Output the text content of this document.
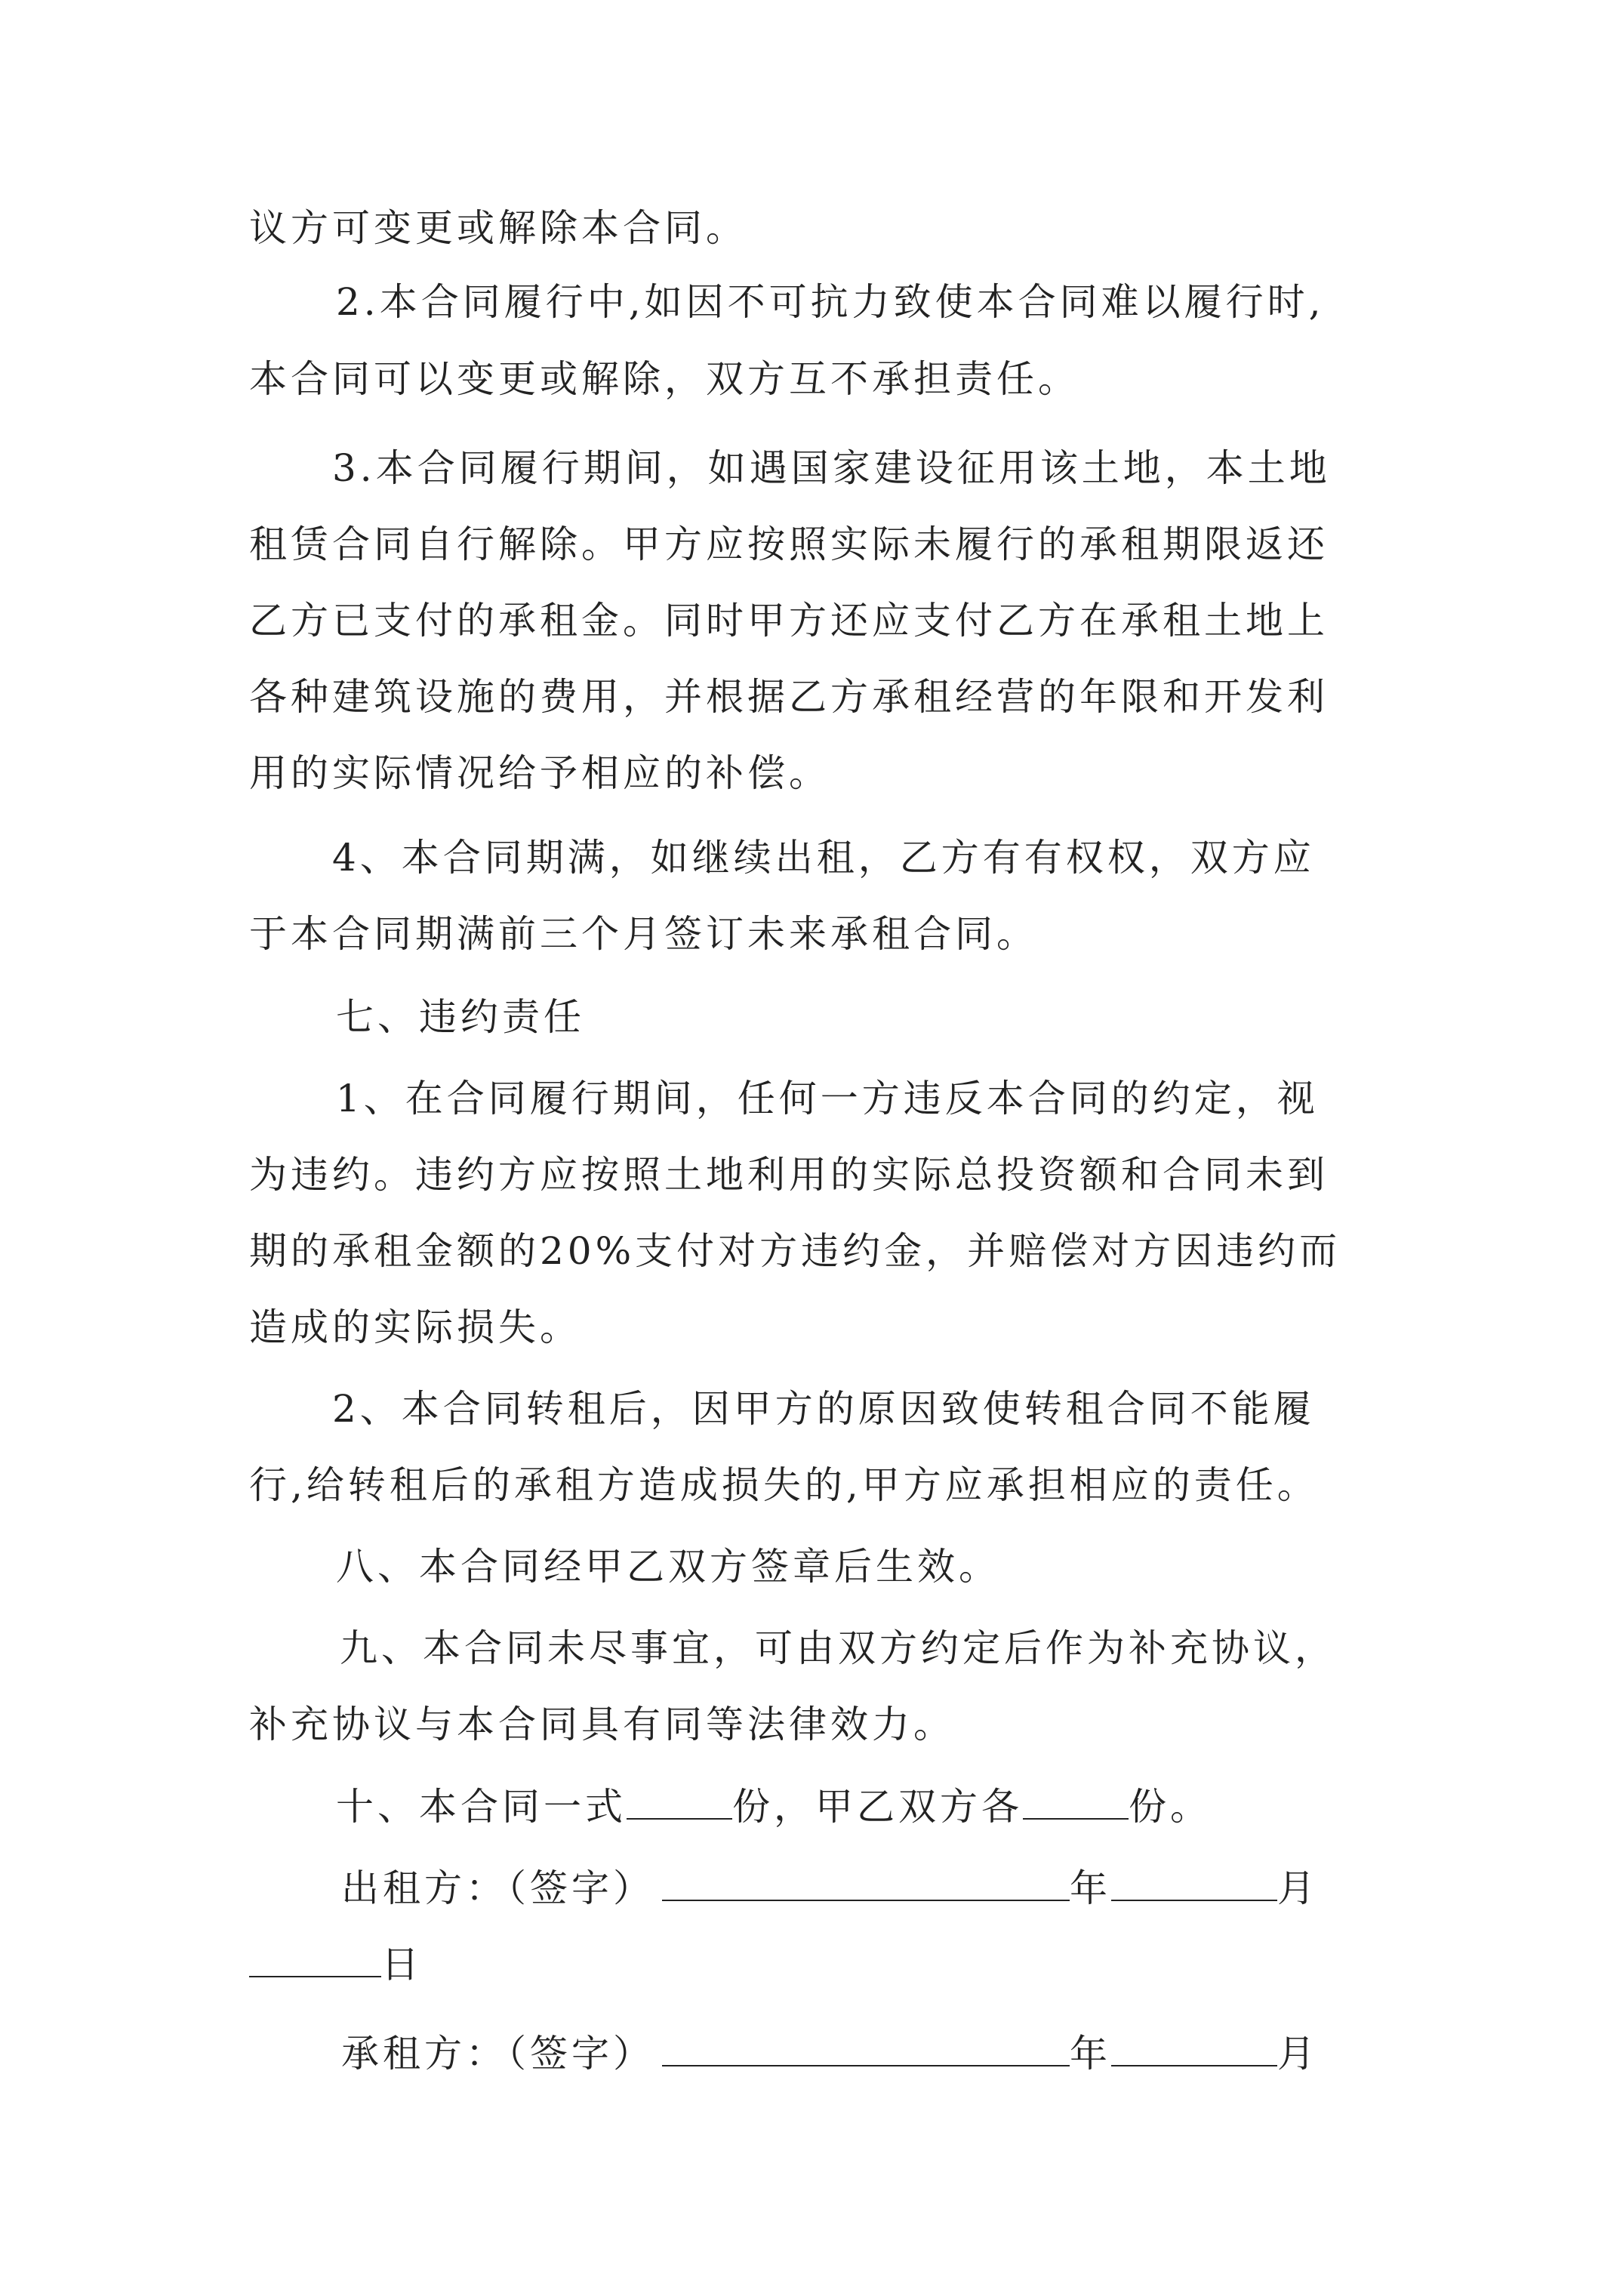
议方可变更或解除本合同。
2.本合同履行中,如因不可抗力致使本合同难以履行时,
本合同可以变更或解除，双方互不承担责任。
3.本合同履行期间，如遇国家建设征用该土地，本土地
租赁合同自行解除。甲方应按照实际未履行的承租期限返还
乙方已支付的承租金。同时甲方还应支付乙方在承租土地上
各种建筑设施的费用，并根据乙方承租经营的年限和开发利
用的实际情况给予相应的补偿。
4、本合同期满，如继续出租，乙方有有权权，双方应
于本合同期满前三个月签订未来承租合同。
七、违约责任
1、在合同履行期间，任何一方违反本合同的约定，视
为违约。违约方应按照土地利用的实际总投资额和合同未到
期的承租金额的20%支付对方违约金，并赔偿对方因违约而
造成的实际损失。
2、本合同转租后，因甲方的原因致使转租合同不能履
行,给转租后的承租方造成损失的,甲方应承担相应的责任。
八、本合同经甲乙双方签章后生效。
九、本合同未尽事宜，可由双方约定后作为补充协议，
补充协议与本合同具有同等法律效力。
十、本合同一式	份，甲乙双方各	份。
出租方：（签字）	年	月
日
承租方：（签字）	年	月
